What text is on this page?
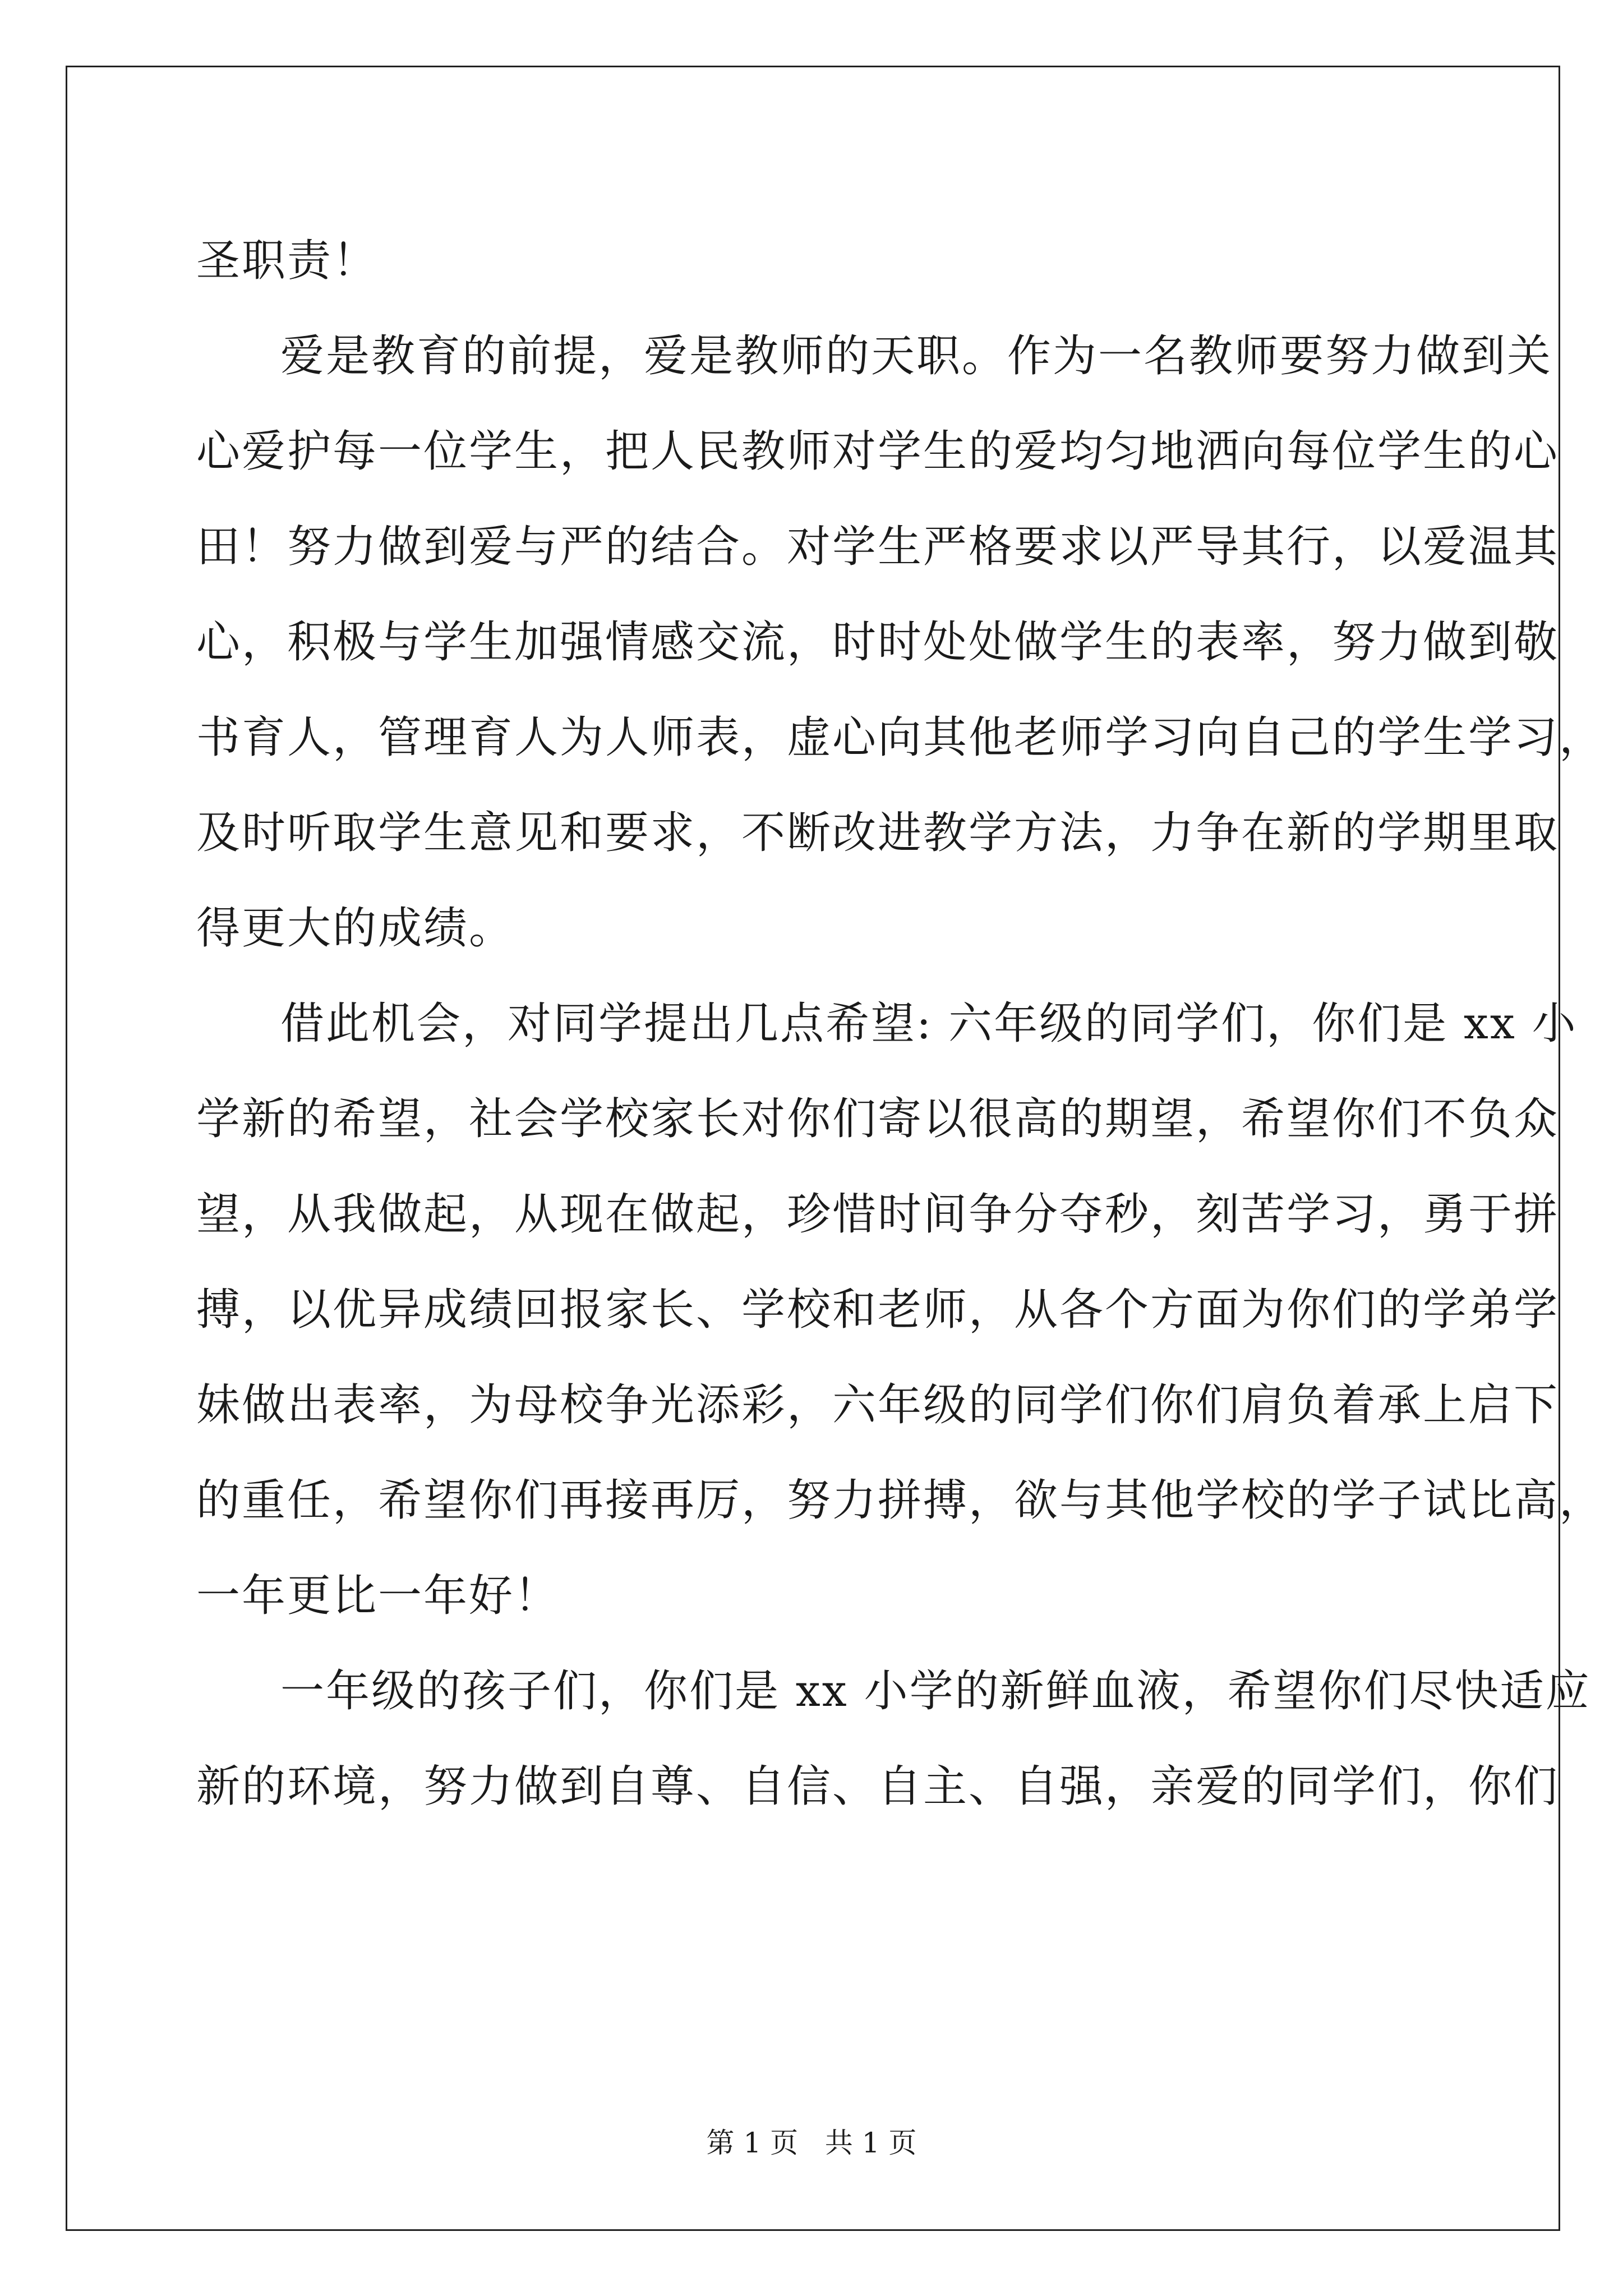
圣职责！
爱是教育的前提，爱是教师的天职。作为一名教师要努力做到关
心爱护每一位学生，把人民教师对学生的爱均匀地洒向每位学生的心
田！努力做到爱与严的结合。对学生严格要求以严导其行，以爱温其
心，积极与学生加强情感交流，时时处处做学生的表率，努力做到敬
书育人，管理育人为人师表，虚心向其他老师学习向自己的学生学习，
及时听取学生意见和要求，不断改进教学方法，力争在新的学期里取
得更大的成绩。
借此机会，对同学提出几点希望: 六年级的同学们，你们是 xx 小
学新的希望，社会学校家长对你们寄以很高的期望，希望你们不负众
望，从我做起，从现在做起，珍惜时间争分夺秒，刻苦学习，勇于拼
搏，以优异成绩回报家长、学校和老师，从各个方面为你们的学弟学
妹做出表率，为母校争光添彩，六年级的同学们你们肩负着承上启下
的重任，希望你们再接再厉，努力拼搏，欲与其他学校的学子试比高，
一年更比一年好！
一年级的孩子们，你们是 xx 小学的新鲜血液，希望你们尽快适应
新的环境，努力做到自尊、自信、自主、自强，亲爱的同学们，你们
第 1 页   共 1 页
